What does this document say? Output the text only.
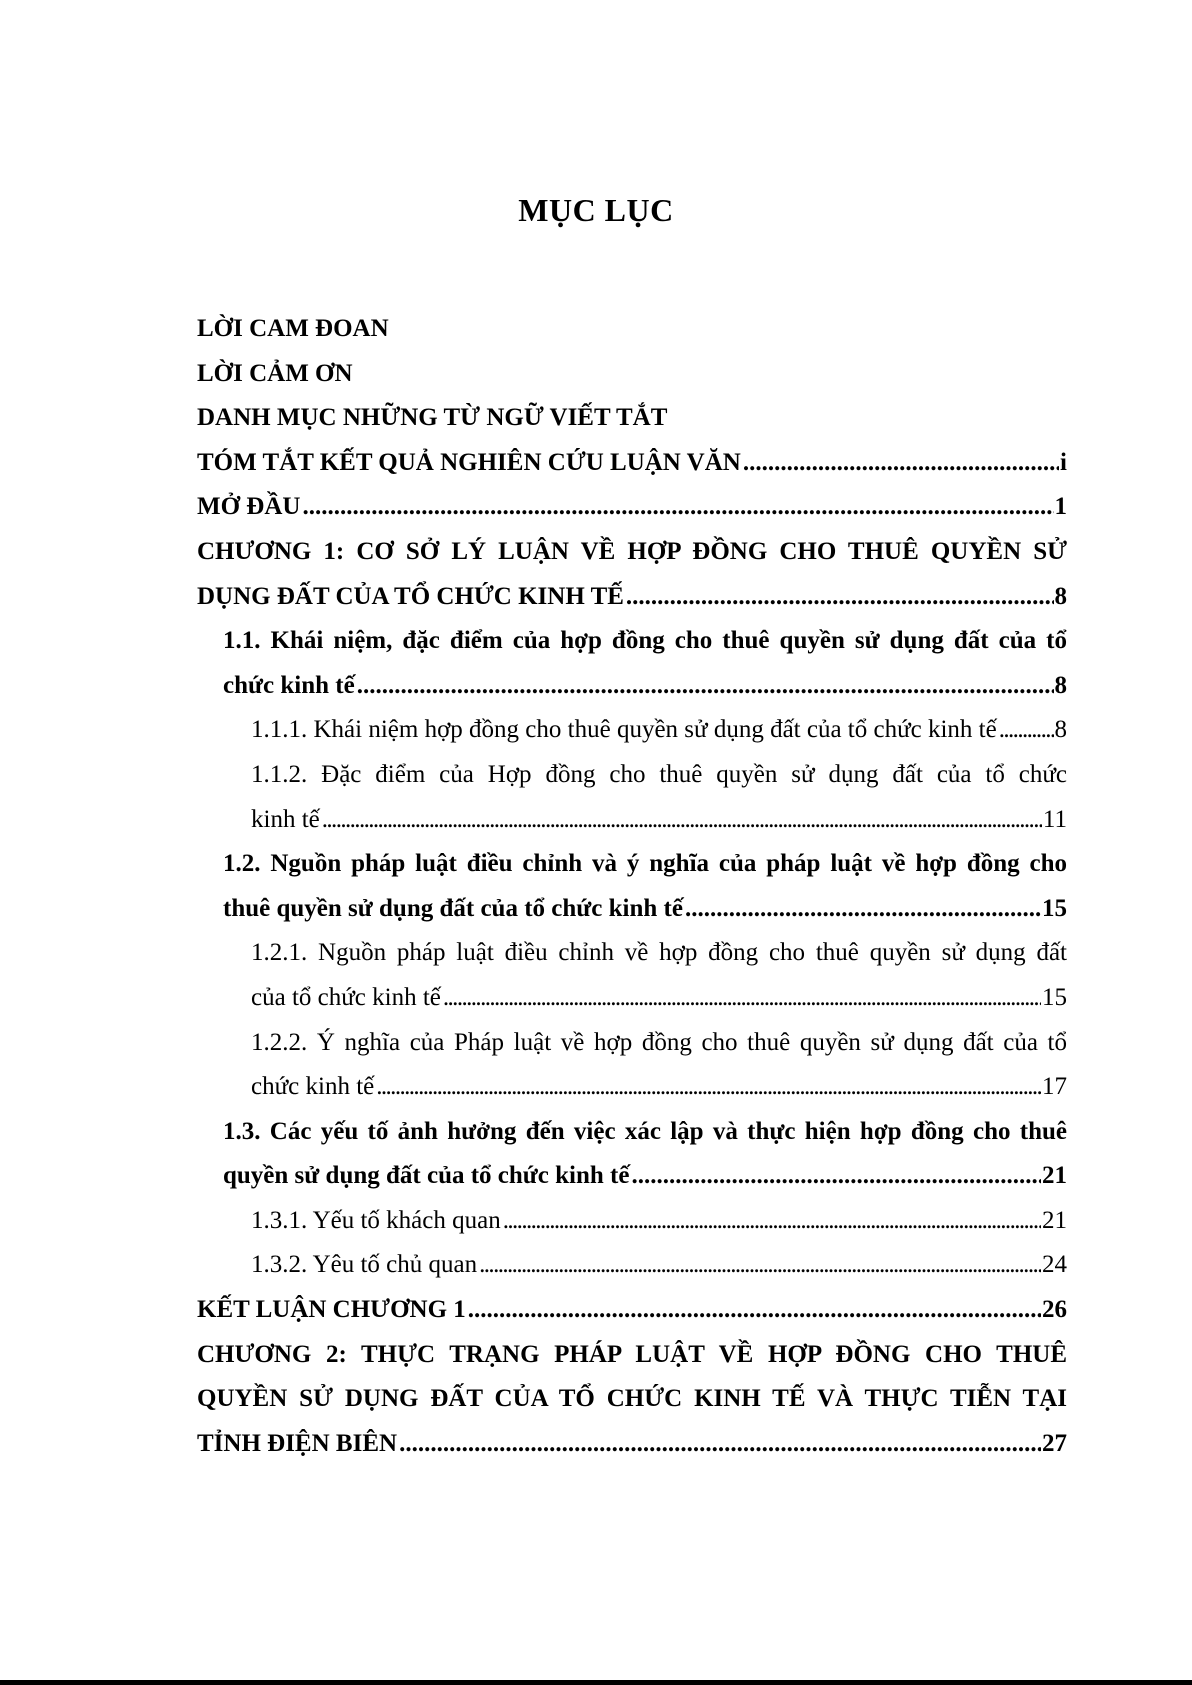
MỤC LỤC
LỜI CAM ĐOAN
LỜI CẢM ƠN
DANH MỤC NHỮNG TỪ NGỮ VIẾT TẮT
TÓM TẮT KẾT QUẢ NGHIÊN CỨU LUẬN VĂN .....	i
MỞ ĐẦU .....	1
CHƯƠNG 1: CƠ SỞ LÝ LUẬN VỀ HỢP ĐỒNG CHO THUÊ QUYỀN SỬ
DỤNG ĐẤT CỦA TỔ CHỨC KINH TẾ .....	8
1.1. Khái niệm, đặc điểm của hợp đồng cho thuê quyền sử dụng đất của tổ
chức kinh tế .....	8
1.1.1. Khái niệm hợp đồng cho thuê quyền sử dụng đất của tổ chức kinh tế ..... 8
1.1.2. Đặc điểm của Hợp đồng cho thuê quyền sử dụng đất của tổ chức
kinh tế .....	11
1.2. Nguồn pháp luật điều chỉnh và ý nghĩa của pháp luật về hợp đồng cho
thuê quyền sử dụng đất của tổ chức kinh tế .....	15
1.2.1. Nguồn pháp luật điều chỉnh về hợp đồng cho thuê quyền sử dụng đất
của tổ chức kinh tế .....	15
1.2.2. Ý nghĩa của Pháp luật về hợp đồng cho thuê quyền sử dụng đất của tổ
chức kinh tế .....	17
1.3. Các yếu tố ảnh hưởng đến việc xác lập và thực hiện hợp đồng cho thuê
quyền sử dụng đất của tổ chức kinh tế .....	21
1.3.1. Yếu tố khách quan .....	21
1.3.2. Yêu tố chủ quan .....	24
KẾT LUẬN CHƯƠNG 1 .....	26
CHƯƠNG 2: THỰC TRẠNG PHÁP LUẬT VỀ HỢP ĐỒNG CHO THUÊ
QUYỀN SỬ DỤNG ĐẤT CỦA TỔ CHỨC KINH TẾ VÀ THỰC TIỄN TẠI
TỈNH ĐIỆN BIÊN .....	27
